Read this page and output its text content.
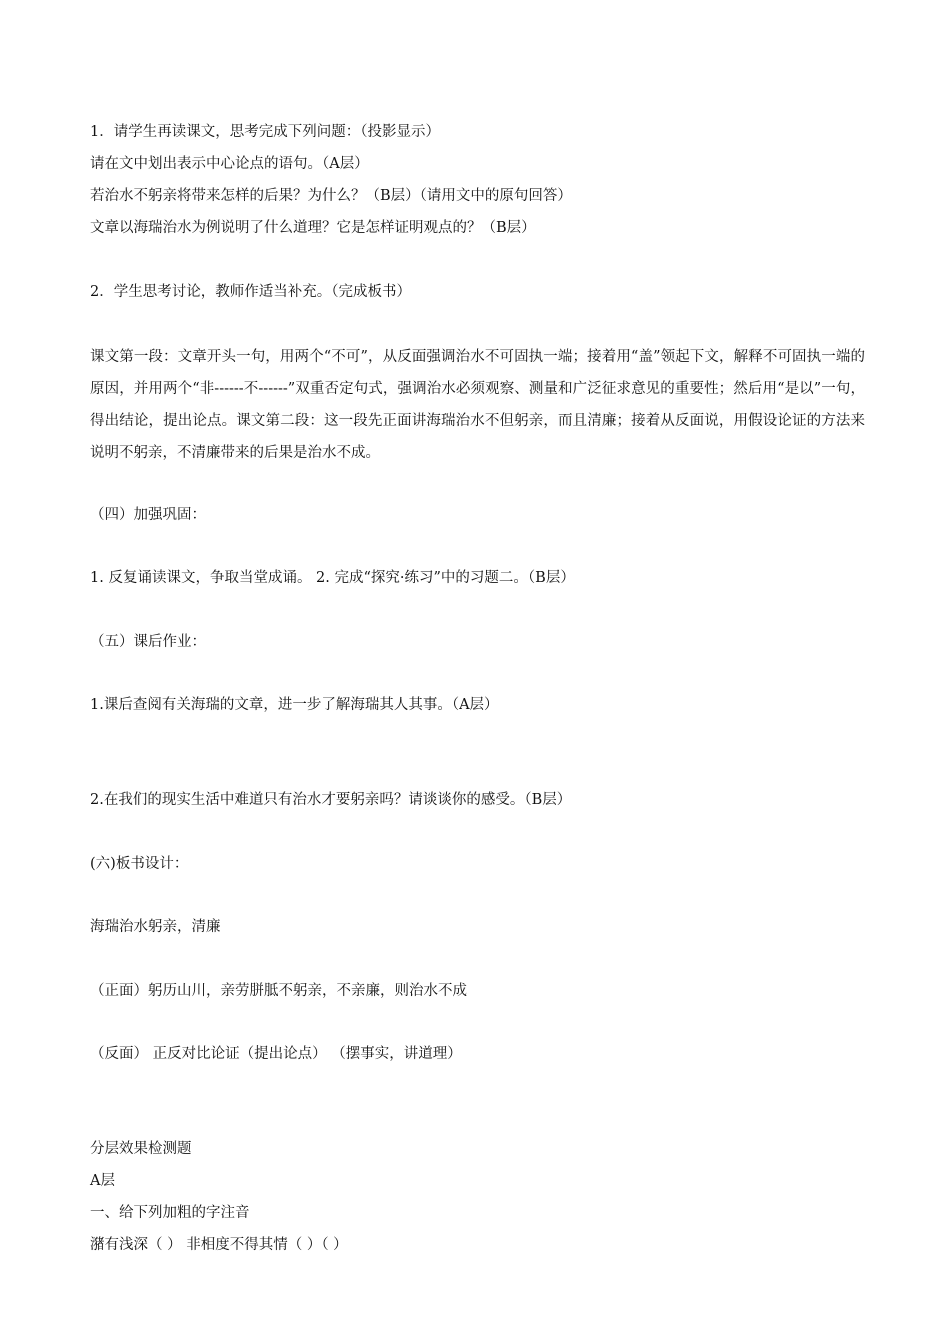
1．请学生再读课文，思考完成下列问题：（投影显示）
请在文中划出表示中心论点的语句。（A层）
若治水不躬亲将带来怎样的后果？为什么？（B层）（请用文中的原句回答）
文章以海瑞治水为例说明了什么道理？它是怎样证明观点的？（B层）
2．学生思考讨论，教师作适当补充。（完成板书）
课文第一段：文章开头一句，用两个“不可”，从反面强调治水不可固执一端；接着用“盖”领起下文，解释不可固执一端的原因，并用两个“非------不------”双重否定句式，强调治水必须观察、测量和广泛征求意见的重要性；然后用“是以”一句，得出结论，提出论点。课文第二段：这一段先正面讲海瑞治水不但躬亲，而且清廉；接着从反面说，用假设论证的方法来说明不躬亲，不清廉带来的后果是治水不成。
（四）加强巩固：
1. 反复诵读课文，争取当堂成诵。 2. 完成“探究·练习”中的习题二。（B层）
（五）课后作业：
1.课后查阅有关海瑞的文章，进一步了解海瑞其人其事。（A层）
2.在我们的现实生活中难道只有治水才要躬亲吗？请谈谈你的感受。（B层）
(六)板书设计：
海瑞治水躬亲，清廉
（正面）躬历山川，亲劳胼胝不躬亲，不亲廉，则治水不成
（反面） 正反对比论证（提出论点） （摆事实，讲道理）
分层效果检测题
A层
一、给下列加粗的字注音
潴有浅深（ ） 非相度不得其情（ ）（ ）
